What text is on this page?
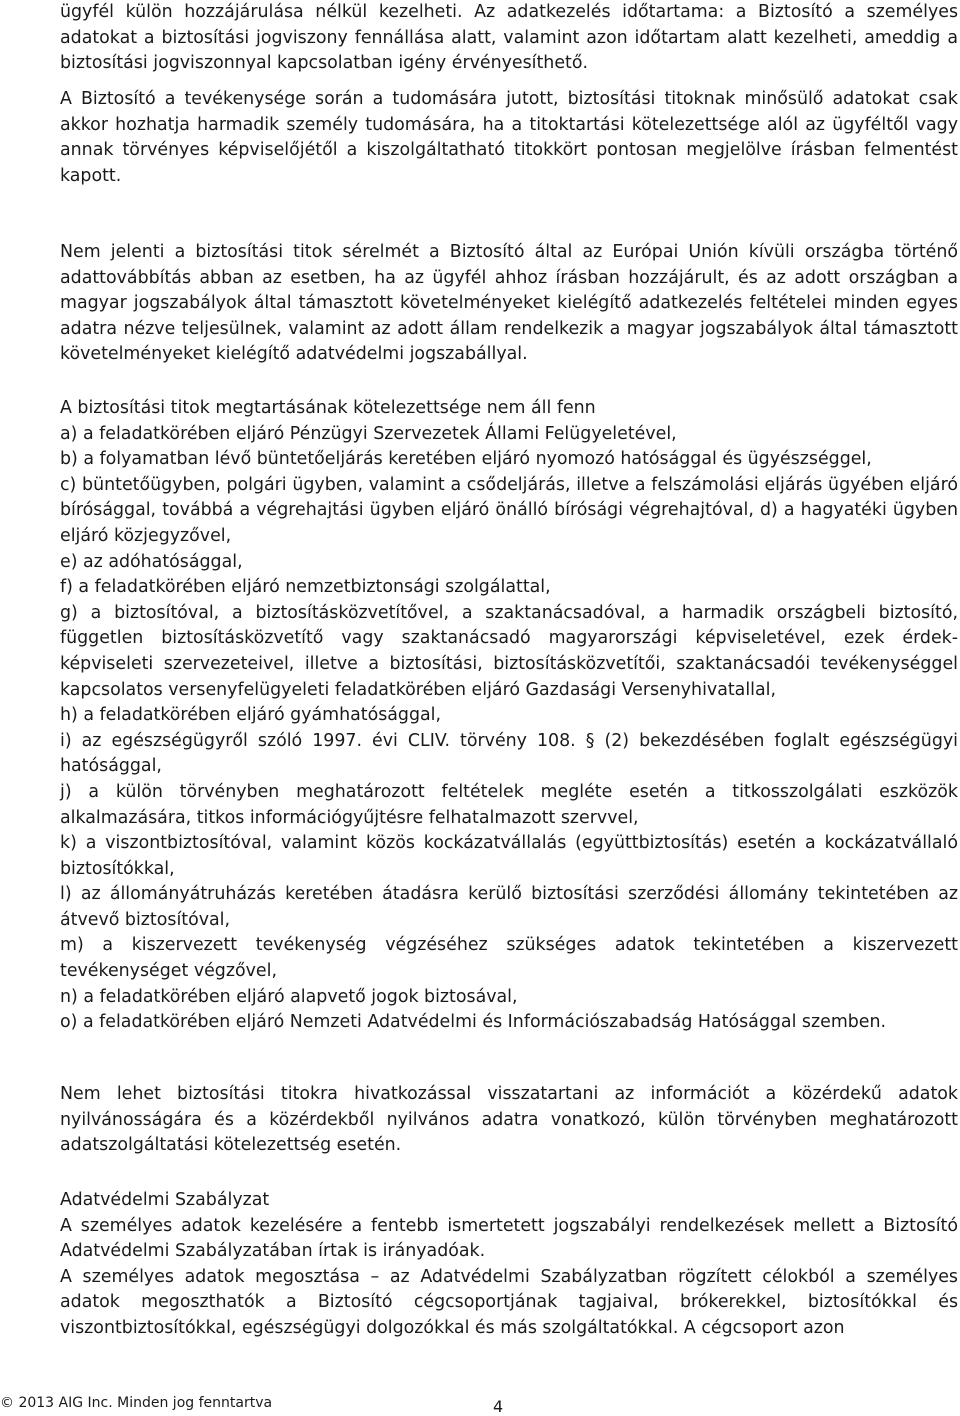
ügyfél külön hozzájárulása nélkül kezelheti. Az adatkezelés időtartama: a Biztosító a személyes adatokat a biztosítási jogviszony fennállása alatt, valamint azon időtartam alatt kezelheti, ameddig a biztosítási jogviszonnyal kapcsolatban igény érvényesíthető.

A Biztosító a tevékenysége során a tudomására jutott, biztosítási titoknak minősülő adatokat csak akkor hozhatja harmadik személy tudomására, ha a titoktartási kötelezettsége alól az ügyféltől vagy annak törvényes képviselőjétől a kiszolgáltatható titokkört pontosan megjelölve írásban felmentést kapott.

Nem jelenti a biztosítási titok sérelmét a Biztosító által az Európai Unión kívüli országba történő adattovábbítás abban az esetben, ha az ügyfél ahhoz írásban hozzájárult, és az adott országban a magyar jogszabályok által támasztott követelményeket kielégítő adatkezelés feltételei minden egyes adatra nézve teljesülnek, valamint az adott állam rendelkezik a magyar jogszabályok által támasztott követelményeket kielégítő adatvédelmi jogszabállyal.

A biztosítási titok megtartásának kötelezettsége nem áll fenn

a) a feladatkörében eljáró Pénzügyi Szervezetek Állami Felügyeletével,

b) a folyamatban lévő büntetőeljárás keretében eljáró nyomozó hatósággal és ügyészséggel,

c) büntetőügyben, polgári ügyben, valamint a csődeljárás, illetve a felszámolási eljárás ügyében eljáró bírósággal, továbbá a végrehajtási ügyben eljáró önálló bírósági végrehajtóval, d) a hagyatéki ügyben eljáró közjegyzővel,

e) az adóhatósággal,

f) a feladatkörében eljáró nemzetbiztonsági szolgálattal,

g) a biztosítóval, a biztosításközvetítővel, a szaktanácsadóval, a harmadik országbeli biztosító, független biztosításközvetítő vagy szaktanácsadó magyarországi képviseletével, ezek érdek-képviseleti szervezeteivel, illetve a biztosítási, biztosításközvetítői, szaktanácsadói tevékenységgel kapcsolatos versenyfelügyeleti feladatkörében eljáró Gazdasági Versenyhivatallal,

h) a feladatkörében eljáró gyámhatósággal,

i) az egészségügyről szóló 1997. évi CLIV. törvény 108. § (2) bekezdésében foglalt egészségügyi hatósággal,

j) a külön törvényben meghatározott feltételek megléte esetén a titkosszolgálati eszközök alkalmazására, titkos információgyűjtésre felhatalmazott szervvel,

k) a viszontbiztosítóval, valamint közös kockázatvállalás (együttbiztosítás) esetén a kockázatvállaló biztosítókkal,

l) az állományátruházás keretében átadásra kerülő biztosítási szerződési állomány tekintetében az átvevő biztosítóval,

m) a kiszervezett tevékenység végzéséhez szükséges adatok tekintetében a kiszervezett tevékenységet végzővel,

n) a feladatkörében eljáró alapvető jogok biztosával,

o) a feladatkörében eljáró Nemzeti Adatvédelmi és Információszabadság Hatósággal szemben.

Nem lehet biztosítási titokra hivatkozással visszatartani az információt a közérdekű adatok nyilvánosságára és a közérdekből nyilvános adatra vonatkozó, külön törvényben meghatározott adatszolgáltatási kötelezettség esetén.

Adatvédelmi Szabályzat

A személyes adatok kezelésére a fentebb ismertetett jogszabályi rendelkezések mellett a Biztosító Adatvédelmi Szabályzatában írtak is irányadóak.

A személyes adatok megosztása – az Adatvédelmi Szabályzatban rögzített célokból a személyes adatok megoszthatók a Biztosító cégcsoportjának tagjaival, brókerekkel, biztosítókkal és viszontbiztosítókkal, egészségügyi dolgozókkal és más szolgáltatókkal. A cégcsoport azon

© 2013 AIG Inc. Minden jog fenntartva	4
